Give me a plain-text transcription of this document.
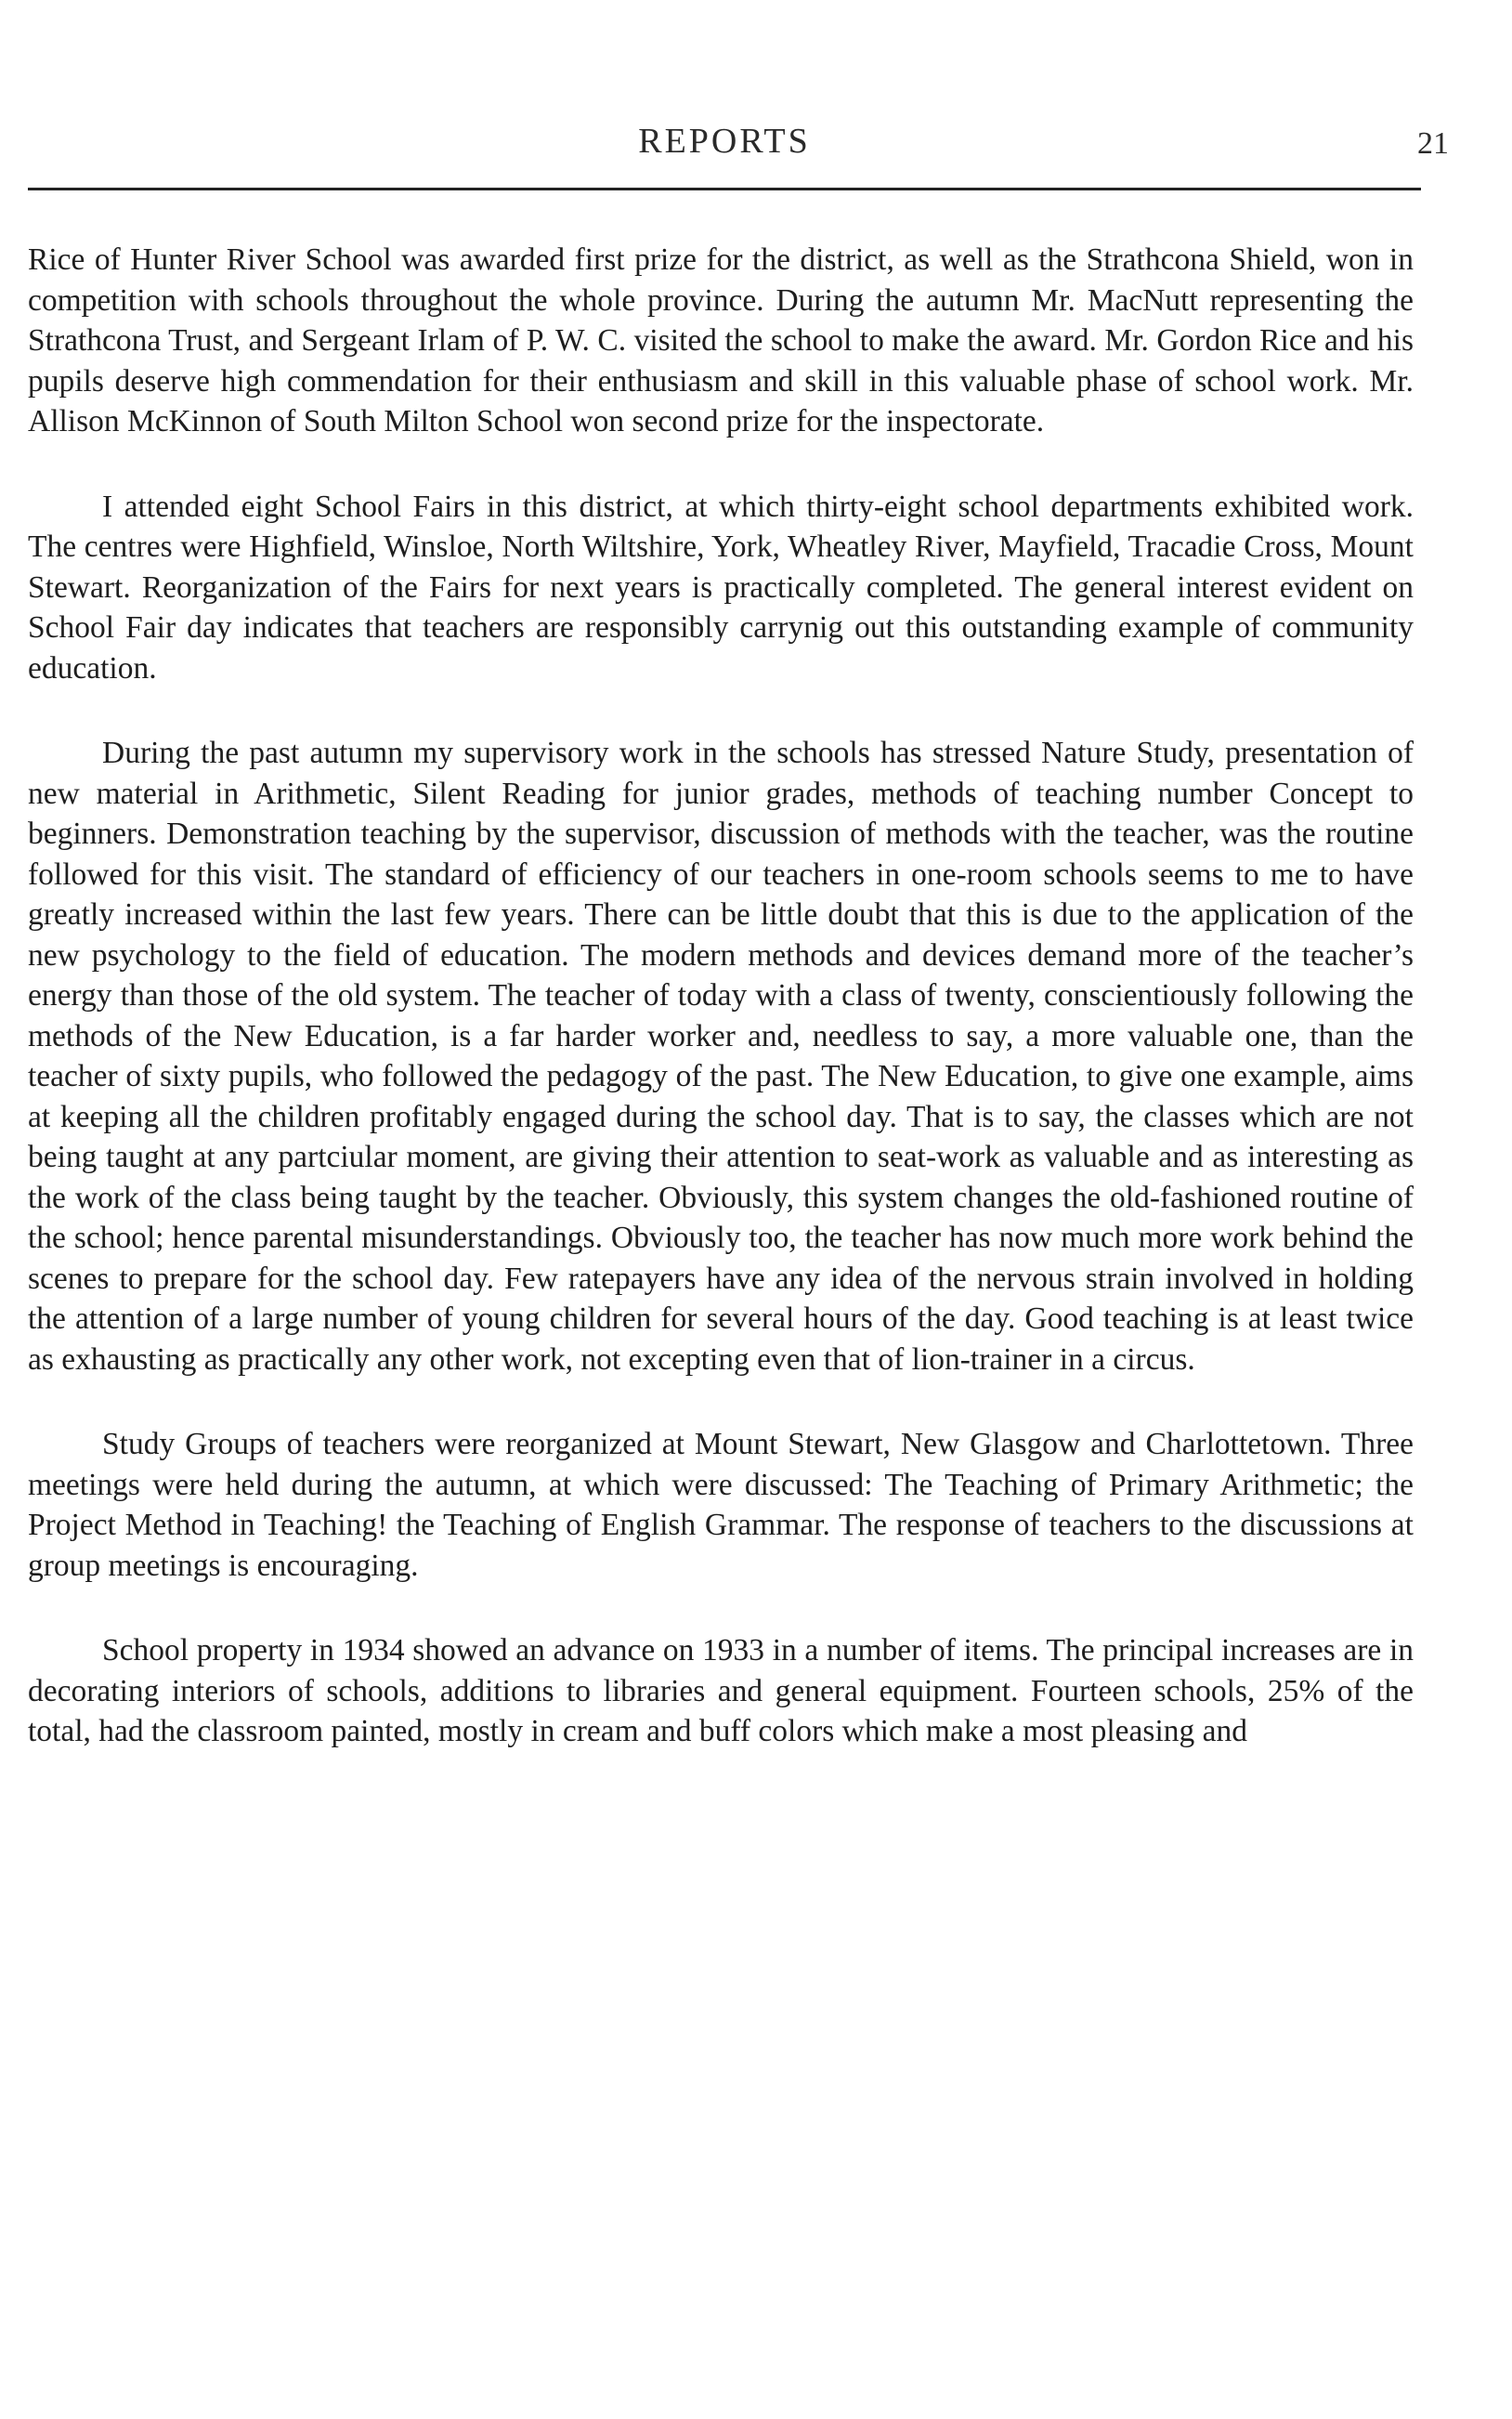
REPORTS	21

Rice of Hunter River School was awarded first prize for the district, as well as the Strathcona Shield, won in competition with schools throughout the whole province. During the autumn Mr. MacNutt representing the Strathcona Trust, and Sergeant Irlam of P. W. C. visited the school to make the award. Mr. Gordon Rice and his pupils deserve high commendation for their enthusiasm and skill in this valuable phase of school work. Mr. Allison McKinnon of South Milton School won second prize for the inspectorate.

I attended eight School Fairs in this district, at which thirty-eight school departments exhibited work. The centres were Highfield, Winsloe, North Wiltshire, York, Wheatley River, Mayfield, Tracadie Cross, Mount Stewart. Reorganization of the Fairs for next years is practically completed. The general interest evident on School Fair day indicates that teachers are responsibly carrynig out this outstanding example of community education.

During the past autumn my supervisory work in the schools has stressed Nature Study, presentation of new material in Arithmetic, Silent Reading for junior grades, methods of teaching number Concept to beginners. Demonstration teaching by the supervisor, discussion of methods with the teacher, was the routine followed for this visit. The standard of efficiency of our teachers in one-room schools seems to me to have greatly increased within the last few years. There can be little doubt that this is due to the application of the new psychology to the field of education. The modern methods and devices demand more of the teacher’s energy than those of the old system. The teacher of today with a class of twenty, conscientiously following the methods of the New Education, is a far harder worker and, needless to say, a more valuable one, than the teacher of sixty pupils, who followed the pedagogy of the past. The New Education, to give one example, aims at keeping all the children profitably engaged during the school day. That is to say, the classes which are not being taught at any partciular moment, are giving their attention to seat-work as valuable and as interesting as the work of the class being taught by the teacher. Obviously, this system changes the old-fashioned routine of the school; hence parental misunderstandings. Obviously too, the teacher has now much more work behind the scenes to prepare for the school day. Few ratepayers have any idea of the nervous strain involved in holding the attention of a large number of young children for several hours of the day. Good teaching is at least twice as exhausting as practically any other work, not excepting even that of lion-trainer in a circus.

Study Groups of teachers were reorganized at Mount Stewart, New Glasgow and Charlottetown. Three meetings were held during the autumn, at which were discussed: The Teaching of Primary Arithmetic; the Project Method in Teaching! the Teaching of English Grammar. The response of teachers to the discussions at group meetings is encouraging.

School property in 1934 showed an advance on 1933 in a number of items. The principal increases are in decorating interiors of schools, additions to libraries and general equipment. Fourteen schools, 25% of the total, had the classroom painted, mostly in cream and buff colors which make a most pleasing and
